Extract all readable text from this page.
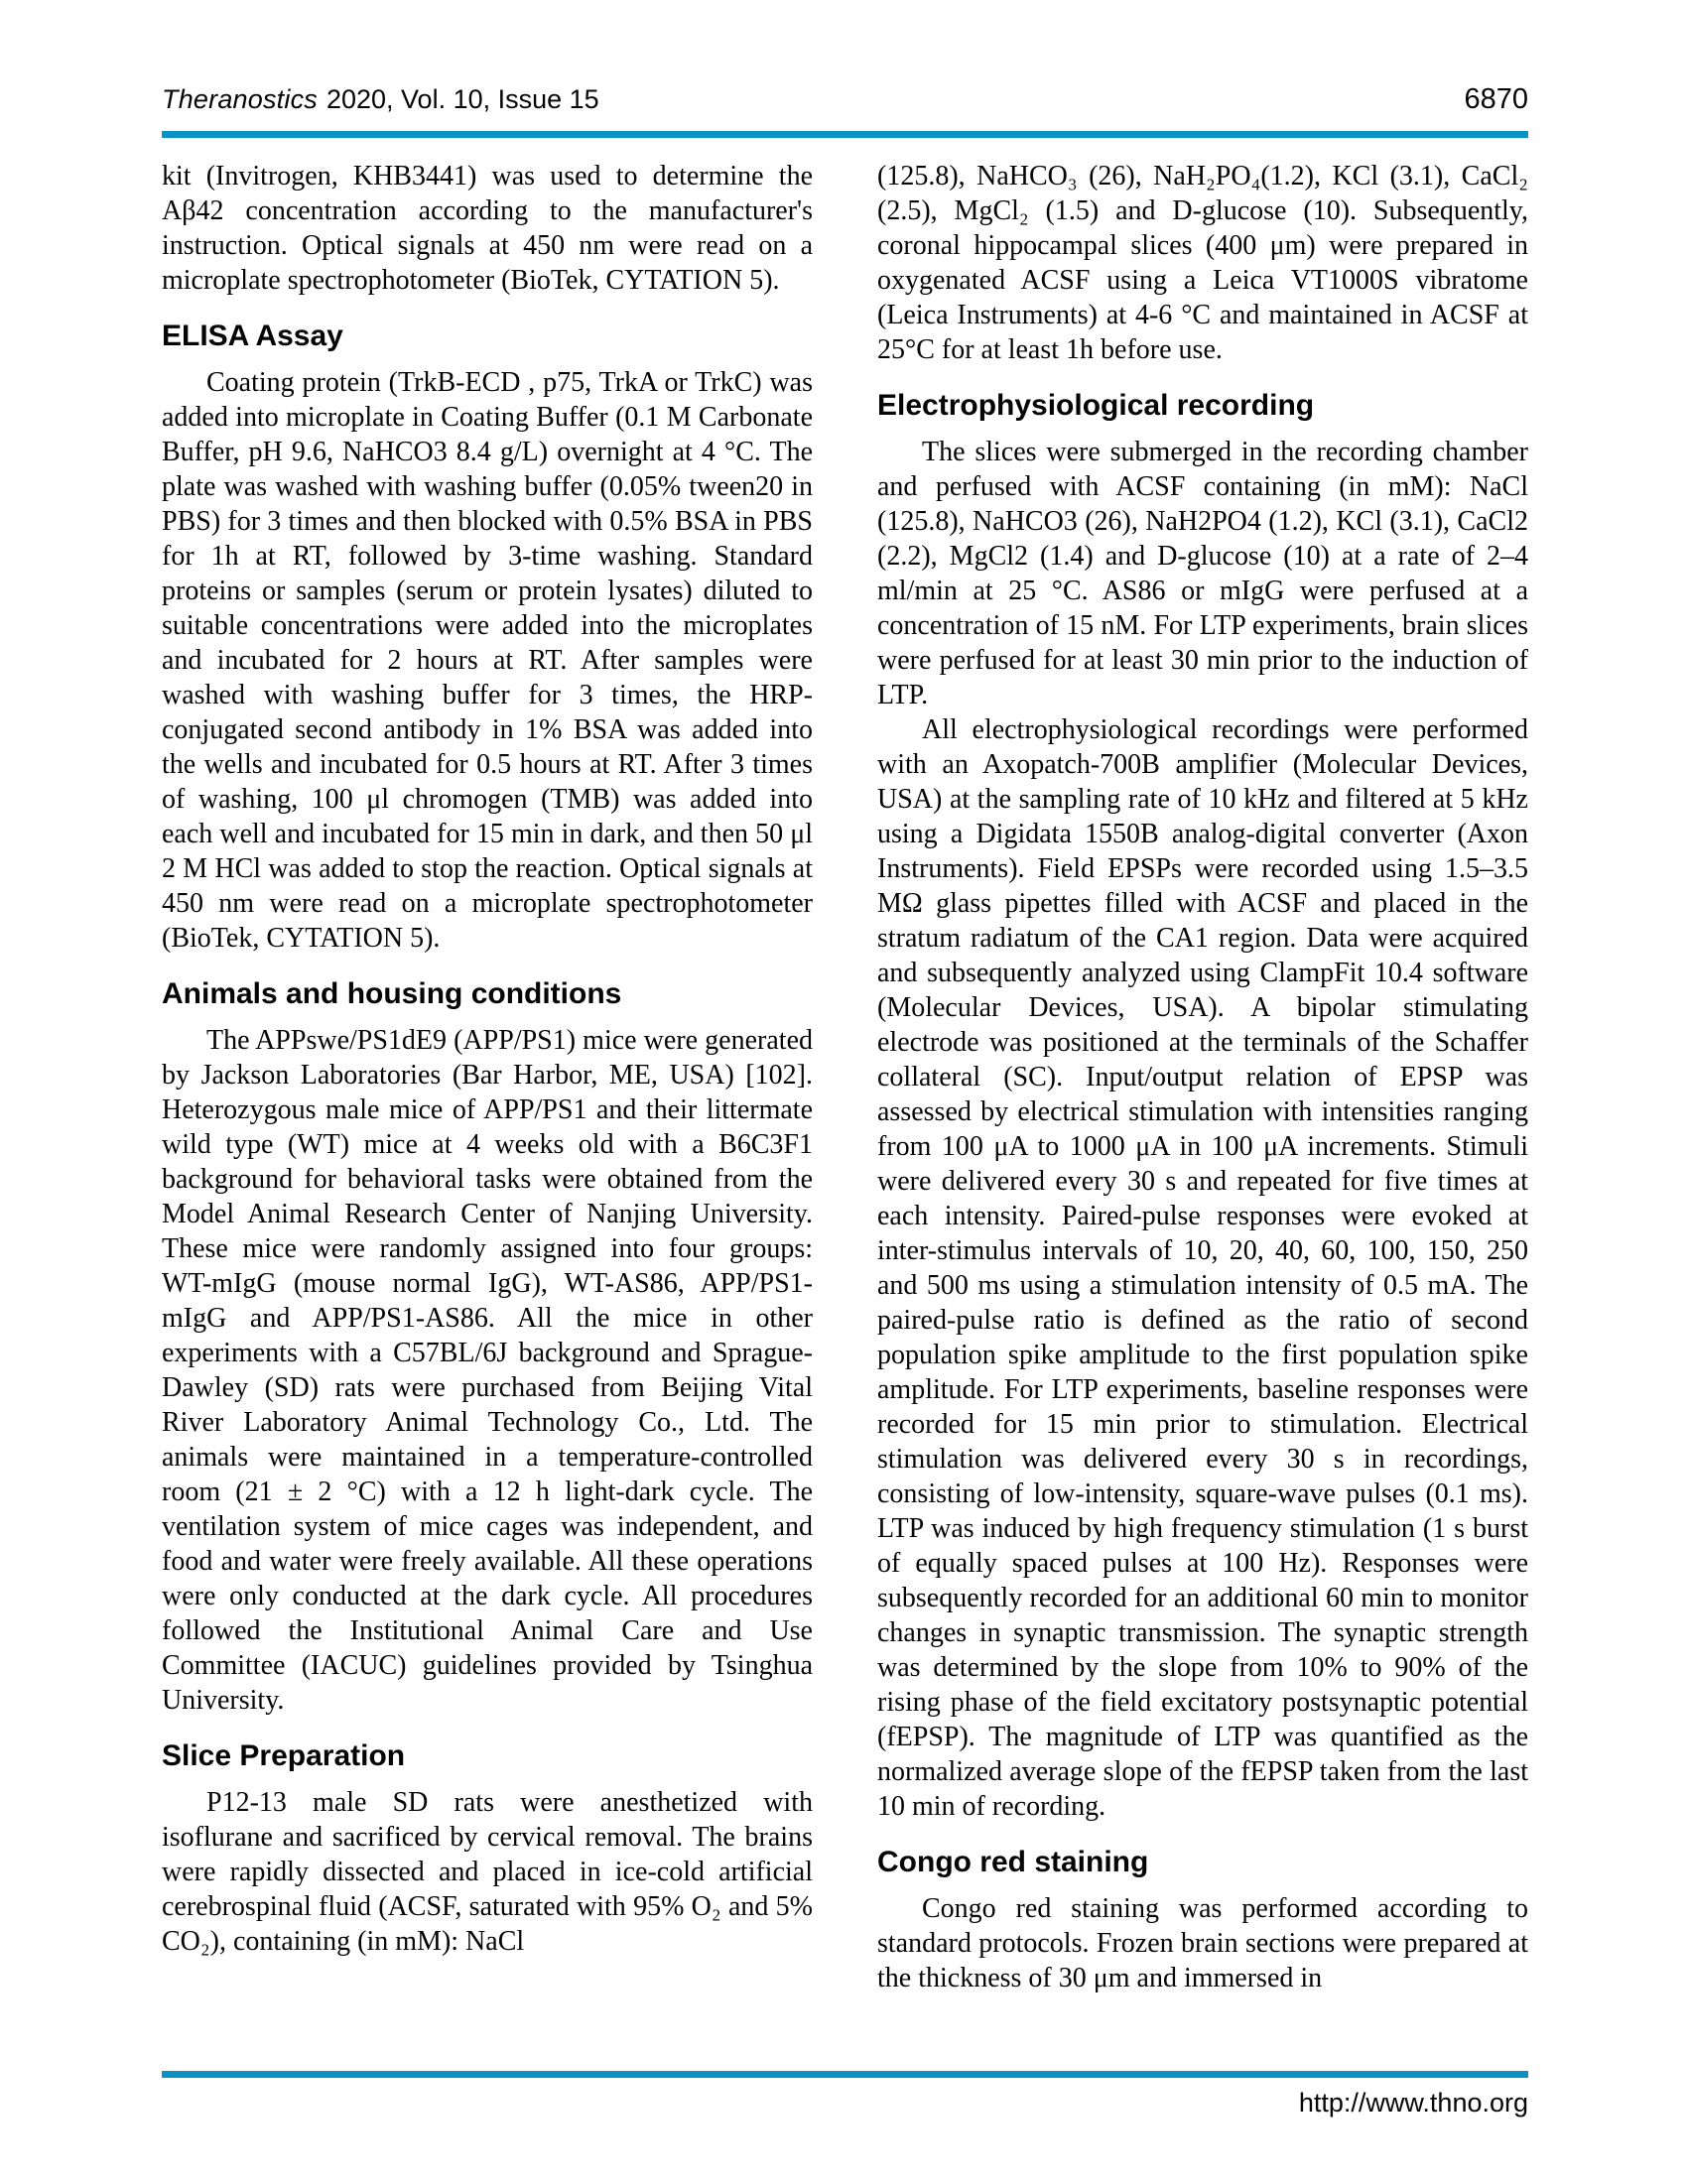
Theranostics 2020, Vol. 10, Issue 15	6870

kit (Invitrogen, KHB3441) was used to determine the Aβ42 concentration according to the manufacturer's instruction. Optical signals at 450 nm were read on a microplate spectrophotometer (BioTek, CYTATION 5).

ELISA Assay

Coating protein (TrkB-ECD , p75, TrkA or TrkC) was added into microplate in Coating Buffer (0.1 M Carbonate Buffer, pH 9.6, NaHCO3 8.4 g/L) overnight at 4 °C. The plate was washed with washing buffer (0.05% tween20 in PBS) for 3 times and then blocked with 0.5% BSA in PBS for 1h at RT, followed by 3-time washing. Standard proteins or samples (serum or protein lysates) diluted to suitable concentrations were added into the microplates and incubated for 2 hours at RT. After samples were washed with washing buffer for 3 times, the HRP-conjugated second antibody in 1% BSA was added into the wells and incubated for 0.5 hours at RT. After 3 times of washing, 100 μl chromogen (TMB) was added into each well and incubated for 15 min in dark, and then 50 μl 2 M HCl was added to stop the reaction. Optical signals at 450 nm were read on a microplate spectrophotometer (BioTek, CYTATION 5).

Animals and housing conditions

The APPswe/PS1dE9 (APP/PS1) mice were generated by Jackson Laboratories (Bar Harbor, ME, USA) [102]. Heterozygous male mice of APP/PS1 and their littermate wild type (WT) mice at 4 weeks old with a B6C3F1 background for behavioral tasks were obtained from the Model Animal Research Center of Nanjing University. These mice were randomly assigned into four groups: WT-mIgG (mouse normal IgG), WT-AS86, APP/PS1-mIgG and APP/PS1-AS86. All the mice in other experiments with a C57BL/6J background and Sprague-Dawley (SD) rats were purchased from Beijing Vital River Laboratory Animal Technology Co., Ltd. The animals were maintained in a temperature-controlled room (21 ± 2 °C) with a 12 h light-dark cycle. The ventilation system of mice cages was independent, and food and water were freely available. All these operations were only conducted at the dark cycle. All procedures followed the Institutional Animal Care and Use Committee (IACUC) guidelines provided by Tsinghua University.

Slice Preparation

P12-13 male SD rats were anesthetized with isoflurane and sacrificed by cervical removal. The brains were rapidly dissected and placed in ice-cold artificial cerebrospinal fluid (ACSF, saturated with 95% O₂ and 5% CO₂), containing (in mM): NaCl

(125.8), NaHCO₃ (26), NaH₂PO₄(1.2), KCl (3.1), CaCl₂ (2.5), MgCl₂ (1.5) and D-glucose (10). Subsequently, coronal hippocampal slices (400 μm) were prepared in oxygenated ACSF using a Leica VT1000S vibratome (Leica Instruments) at 4-6 °C and maintained in ACSF at 25°C for at least 1h before use.

Electrophysiological recording

The slices were submerged in the recording chamber and perfused with ACSF containing (in mM): NaCl (125.8), NaHCO3 (26), NaH2PO4 (1.2), KCl (3.1), CaCl2 (2.2), MgCl2 (1.4) and D-glucose (10) at a rate of 2–4 ml/min at 25 °C. AS86 or mIgG were perfused at a concentration of 15 nM. For LTP experiments, brain slices were perfused for at least 30 min prior to the induction of LTP.

All electrophysiological recordings were performed with an Axopatch-700B amplifier (Molecular Devices, USA) at the sampling rate of 10 kHz and filtered at 5 kHz using a Digidata 1550B analog-digital converter (Axon Instruments). Field EPSPs were recorded using 1.5–3.5 MΩ glass pipettes filled with ACSF and placed in the stratum radiatum of the CA1 region. Data were acquired and subsequently analyzed using ClampFit 10.4 software (Molecular Devices, USA). A bipolar stimulating electrode was positioned at the terminals of the Schaffer collateral (SC). Input/output relation of EPSP was assessed by electrical stimulation with intensities ranging from 100 μA to 1000 μA in 100 μA increments. Stimuli were delivered every 30 s and repeated for five times at each intensity. Paired-pulse responses were evoked at inter-stimulus intervals of 10, 20, 40, 60, 100, 150, 250 and 500 ms using a stimulation intensity of 0.5 mA. The paired-pulse ratio is defined as the ratio of second population spike amplitude to the first population spike amplitude. For LTP experiments, baseline responses were recorded for 15 min prior to stimulation. Electrical stimulation was delivered every 30 s in recordings, consisting of low-intensity, square-wave pulses (0.1 ms). LTP was induced by high frequency stimulation (1 s burst of equally spaced pulses at 100 Hz). Responses were subsequently recorded for an additional 60 min to monitor changes in synaptic transmission. The synaptic strength was determined by the slope from 10% to 90% of the rising phase of the field excitatory postsynaptic potential (fEPSP). The magnitude of LTP was quantified as the normalized average slope of the fEPSP taken from the last 10 min of recording.

Congo red staining

Congo red staining was performed according to standard protocols. Frozen brain sections were prepared at the thickness of 30 μm and immersed in

http://www.thno.org
